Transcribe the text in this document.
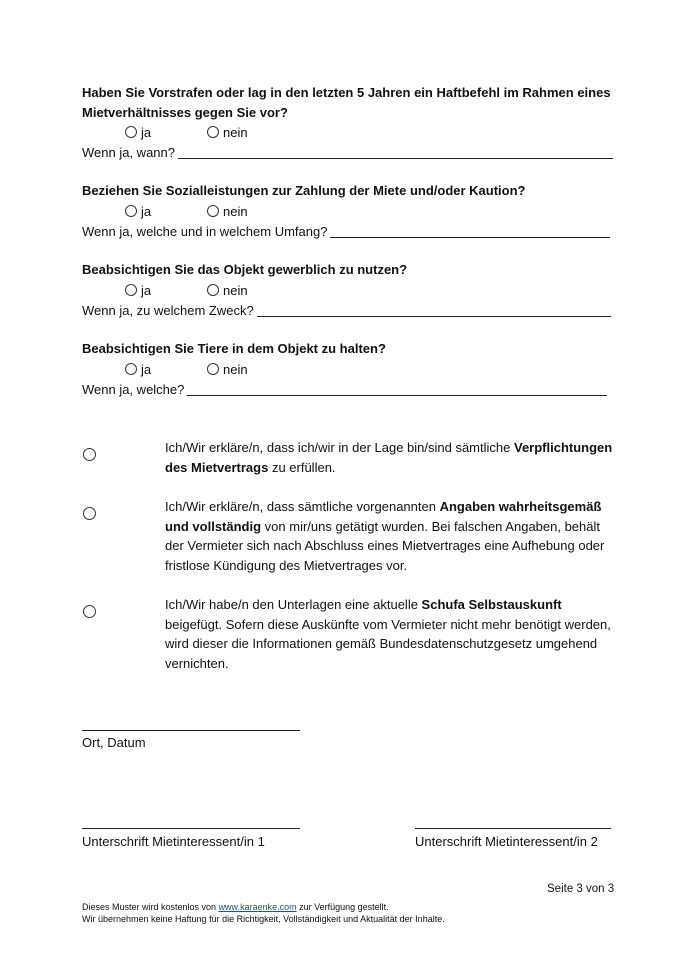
Haben Sie Vorstrafen oder lag in den letzten 5 Jahren ein Haftbefehl im Rahmen eines Mietverhältnisses gegen Sie vor?
ja	nein
Wenn ja, wann?
Beziehen Sie Sozialleistungen zur Zahlung der Miete und/oder Kaution?
ja	nein
Wenn ja, welche und in welchem Umfang?
Beabsichtigen Sie das Objekt gewerblich zu nutzen?
ja	nein
Wenn ja, zu welchem Zweck?
Beabsichtigen Sie Tiere in dem Objekt zu halten?
ja	nein
Wenn ja, welche?
Ich/Wir erkläre/n, dass ich/wir in der Lage bin/sind sämtliche Verpflichtungen des Mietvertrags zu erfüllen.
Ich/Wir erkläre/n, dass sämtliche vorgenannten Angaben wahrheitsgemäß und vollständig von mir/uns getätigt wurden. Bei falschen Angaben, behält der Vermieter sich nach Abschluss eines Mietvertrages eine Aufhebung oder fristlose Kündigung des Mietvertrages vor.
Ich/Wir habe/n den Unterlagen eine aktuelle Schufa Selbstauskunft beigefügt. Sofern diese Auskünfte vom Vermieter nicht mehr benötigt werden, wird dieser die Informationen gemäß Bundesdatenschutzgesetz umgehend vernichten.
Ort, Datum
Unterschrift Mietinteressent/in 1	Unterschrift Mietinteressent/in 2
Seite 3 von 3
Dieses Muster wird kostenlos von www.karaenke.com zur Verfügung gestellt.
Wir übernehmen keine Haftung für die Richtigkeit, Vollständigkeit und Aktualität der Inhalte.
